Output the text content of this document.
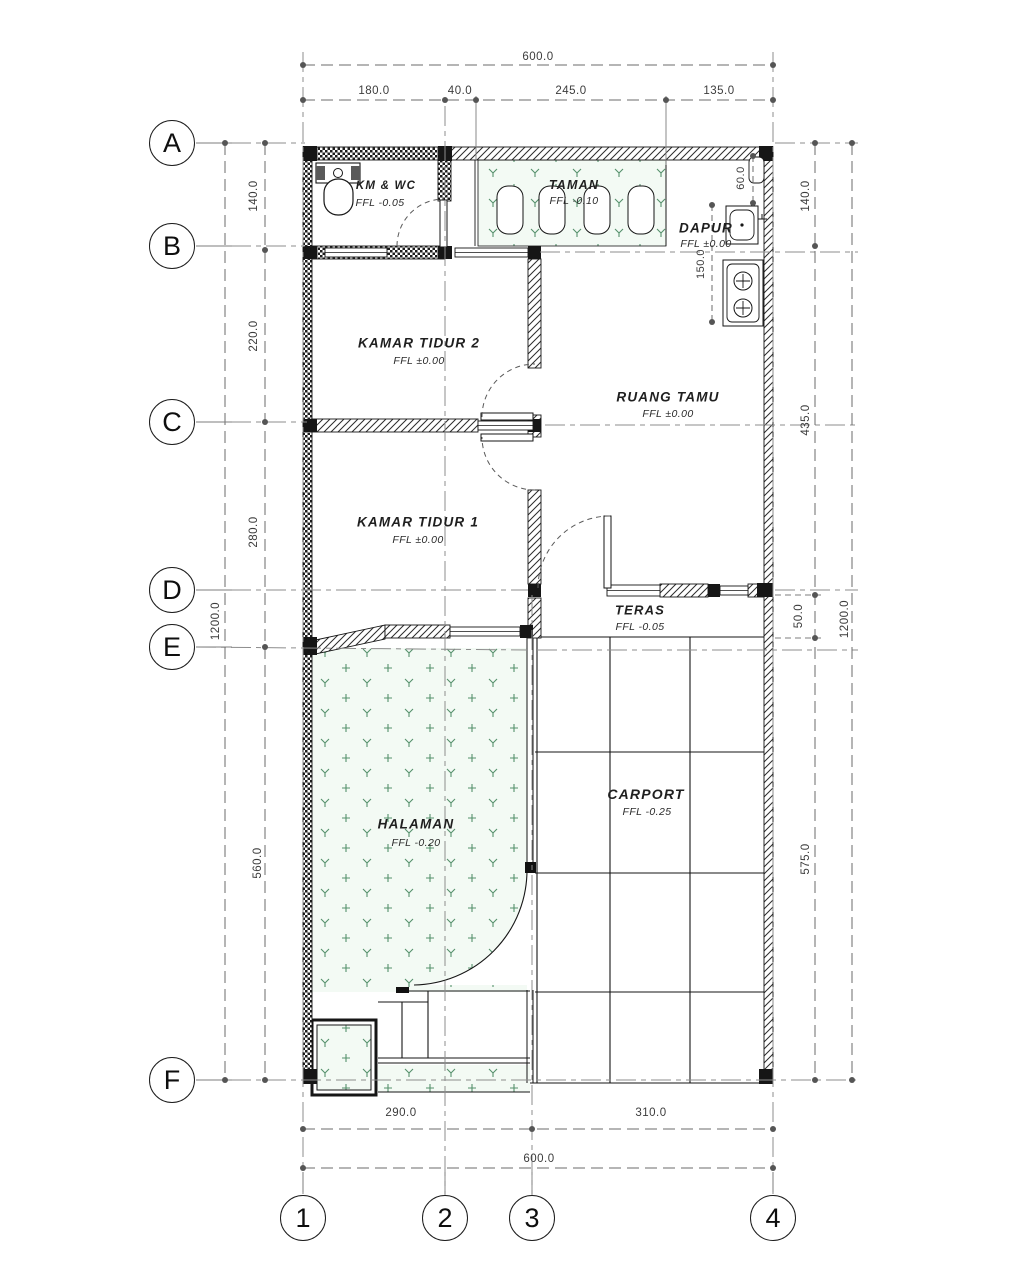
A
B
C
D
E
F
1	2	3	4
600.0
180.0	40.0	245.0	135.0
140.0
220.0
280.0
560.0
1200.0
140.0
435.0
50.0
575.0
1200.0
60.0
150.0
290.0	310.0
600.0
KM & WC
FFL -0.05
TAMAN
FFL -0.10
DAPUR
FFL ±0.00
KAMAR TIDUR 2
FFL ±0.00
RUANG TAMU
FFL ±0.00
KAMAR TIDUR 1
FFL ±0.00
TERAS
FFL -0.05
HALAMAN
FFL -0.20
CARPORT
FFL -0.25
